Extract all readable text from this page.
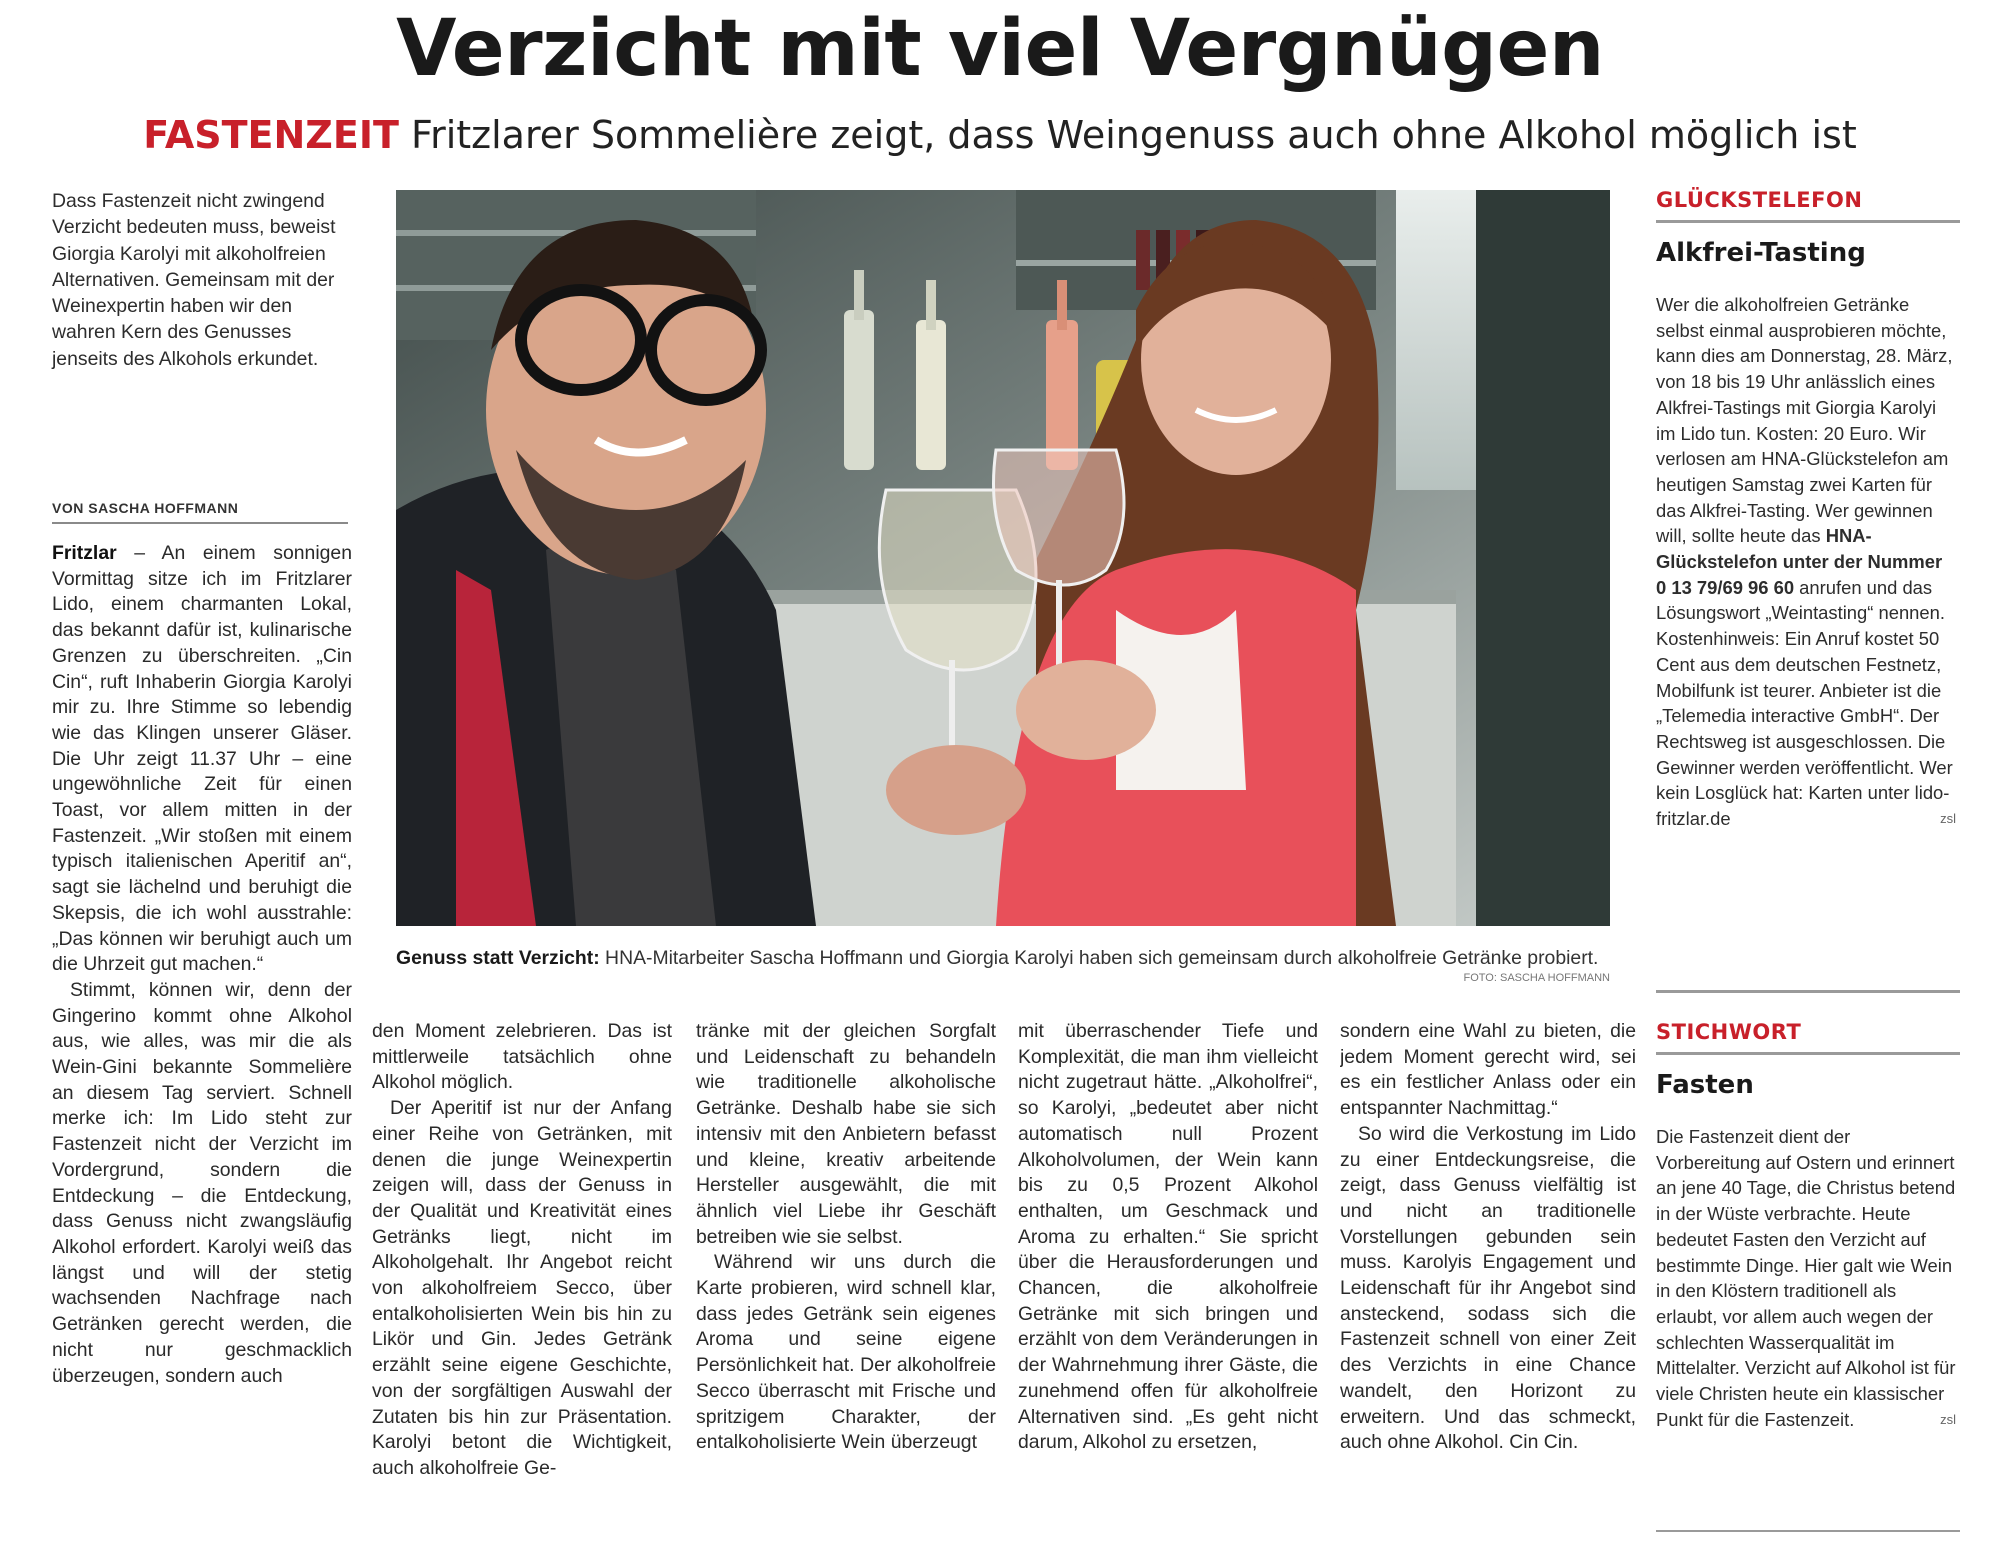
Verzicht mit viel Vergnügen
FASTENZEIT Fritzlarer Sommelière zeigt, dass Weingenuss auch ohne Alkohol möglich ist
Dass Fastenzeit nicht zwingend Verzicht bedeuten muss, beweist Giorgia Karolyi mit alkoholfreien Alternativen. Gemeinsam mit der Weinexpertin haben wir den wahren Kern des Genusses jenseits des Alkohols erkundet.
VON SASCHA HOFFMANN
Genuss statt Verzicht: HNA-Mitarbeiter Sascha Hoffmann und Giorgia Karolyi haben sich gemeinsam durch alkoholfreie Getränke probiert.
FOTO: SASCHA HOFFMANN

Fritzlar – An einem sonnigen Vormittag sitze ich im Fritzlarer Lido, einem charmanten Lokal, das bekannt dafür ist, kulinarische Grenzen zu überschreiten. „Cin Cin“, ruft Inhaberin Giorgia Karolyi mir zu. Ihre Stimme so lebendig wie das Klingen unserer Gläser. Die Uhr zeigt 11.37 Uhr – eine ungewöhnliche Zeit für einen Toast, vor allem mitten in der Fastenzeit. „Wir stoßen mit einem typisch italienischen Aperitif an“, sagt sie lächelnd und beruhigt die Skepsis, die ich wohl ausstrahle: „Das können wir beruhigt auch um die Uhrzeit gut machen.“

Stimmt, können wir, denn der Gingerino kommt ohne Alkohol aus, wie alles, was mir die als Wein-Gini bekannte Sommelière an diesem Tag serviert. Schnell merke ich: Im Lido steht zur Fastenzeit nicht der Verzicht im Vordergrund, sondern die Entdeckung – die Entdeckung, dass Genuss nicht zwangsläufig Alkohol erfordert. Karolyi weiß das längst und will der stetig wachsenden Nachfrage nach Getränken gerecht werden, die nicht nur geschmacklich überzeugen, sondern auch

den Moment zelebrieren. Das ist mittlerweile tatsächlich ohne Alkohol möglich.

Der Aperitif ist nur der Anfang einer Reihe von Getränken, mit denen die junge Weinexpertin zeigen will, dass der Genuss in der Qualität und Kreativität eines Getränks liegt, nicht im Alkoholgehalt. Ihr Angebot reicht von alkoholfreiem Secco, über entalkoholisierten Wein bis hin zu Likör und Gin. Jedes Getränk erzählt seine eigene Geschichte, von der sorgfältigen Auswahl der Zutaten bis hin zur Präsentation. Karolyi betont die Wichtigkeit, auch alkoholfreie Ge-

tränke mit der gleichen Sorgfalt und Leidenschaft zu behandeln wie traditionelle alkoholische Getränke. Deshalb habe sie sich intensiv mit den Anbietern befasst und kleine, kreativ arbeitende Hersteller ausgewählt, die mit ähnlich viel Liebe ihr Geschäft betreiben wie sie selbst.

Während wir uns durch die Karte probieren, wird schnell klar, dass jedes Getränk sein eigenes Aroma und seine eigene Persönlichkeit hat. Der alkoholfreie Secco überrascht mit Frische und spritzigem Charakter, der entalkoholisierte Wein überzeugt

mit überraschender Tiefe und Komplexität, die man ihm vielleicht nicht zugetraut hätte. „Alkoholfrei“, so Karolyi, „bedeutet aber nicht automatisch null Prozent Alkoholvolumen, der Wein kann bis zu 0,5 Prozent Alkohol enthalten, um Geschmack und Aroma zu erhalten.“ Sie spricht über die Herausforderungen und Chancen, die alkoholfreie Getränke mit sich bringen und erzählt von dem Veränderungen in der Wahrnehmung ihrer Gäste, die zunehmend offen für alkoholfreie Alternativen sind. „Es geht nicht darum, Alkohol zu ersetzen,

sondern eine Wahl zu bieten, die jedem Moment gerecht wird, sei es ein festlicher Anlass oder ein entspannter Nachmittag.“

So wird die Verkostung im Lido zu einer Entdeckungsreise, die zeigt, dass Genuss vielfältig ist und nicht an traditionelle Vorstellungen gebunden sein muss. Karolyis Engagement und Leidenschaft für ihr Angebot sind ansteckend, sodass sich die Fastenzeit schnell von einer Zeit des Verzichts in eine Chance wandelt, den Horizont zu erweitern. Und das schmeckt, auch ohne Alkohol. Cin Cin.

GLÜCKSTELEFON
Alkfrei-Tasting
Wer die alkoholfreien Getränke selbst einmal ausprobieren möchte, kann dies am Donnerstag, 28. März, von 18 bis 19 Uhr anlässlich eines Alkfrei-Tastings mit Giorgia Karolyi im Lido tun. Kosten: 20 Euro. Wir verlosen am HNA-Glückstelefon am heutigen Samstag zwei Karten für das Alkfrei-Tasting. Wer gewinnen will, sollte heute das HNA-Glückstelefon unter der Nummer 0 13 79/69 96 60 anrufen und das Lösungswort „Weintasting“ nennen. Kostenhinweis: Ein Anruf kostet 50 Cent aus dem deutschen Festnetz, Mobilfunk ist teurer. Anbieter ist die „Telemedia interactive GmbH“. Der Rechtsweg ist ausgeschlossen. Die Gewinner werden veröffentlicht. Wer kein Losglück hat: Karten unter lido-fritzlar.de	zsl
STICHWORT
Fasten
Die Fastenzeit dient der Vorbereitung auf Ostern und erinnert an jene 40 Tage, die Christus betend in der Wüste verbrachte. Heute bedeutet Fasten den Verzicht auf bestimmte Dinge. Hier galt wie Wein in den Klöstern traditionell als erlaubt, vor allem auch wegen der schlechten Wasserqualität im Mittelalter. Verzicht auf Alkohol ist für viele Christen heute ein klassischer Punkt für die Fastenzeit.	zsl
